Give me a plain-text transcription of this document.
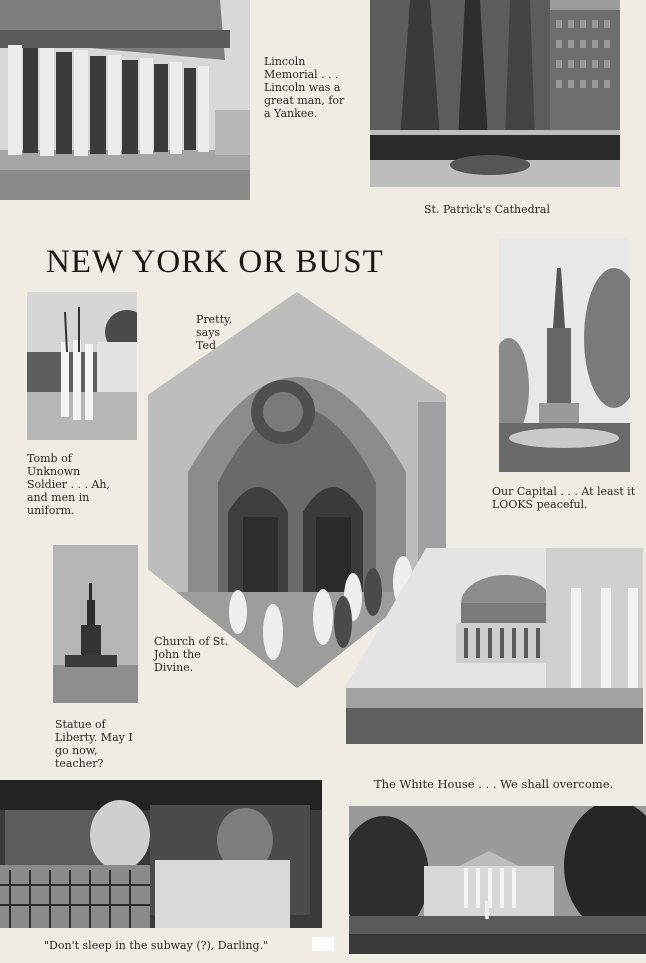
Lincoln Memorial . . . Lincoln was a great man, for a Yankee.
St. Patrick's Cathedral
NEW YORK OR BUST
Tomb of Unknown Soldier . . . Ah, and men in uniform.
Pretty, says Ted.
Our Capital . . . At least it LOOKS peaceful.
Church of St. John the Divine.
Statue of Liberty. May I go now, teacher?
The White House . . . We shall overcome.
"Don't sleep in the subway (?), Darling."
